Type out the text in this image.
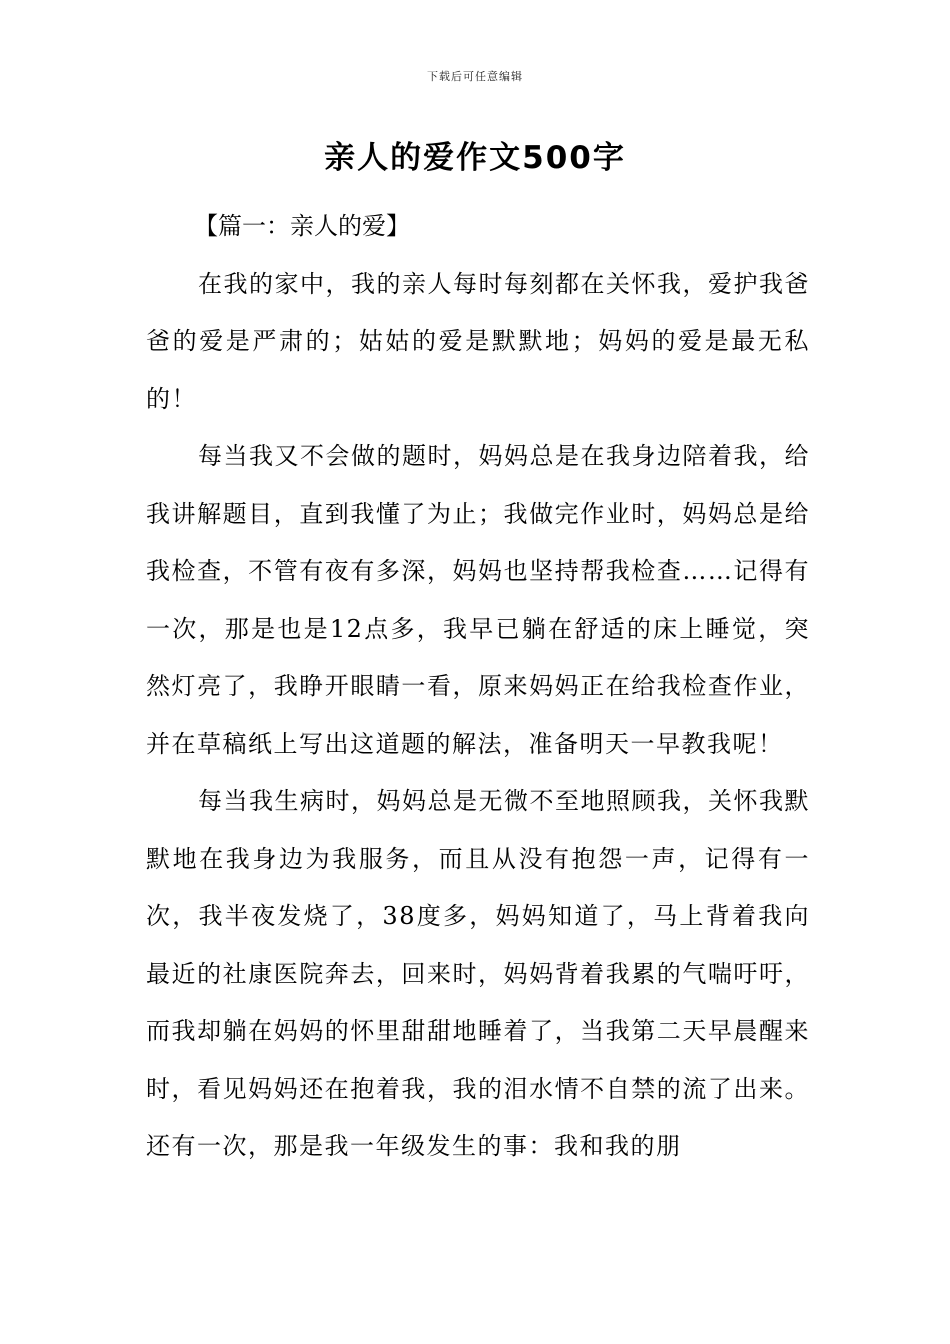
下载后可任意编辑
亲人的爱作文500字

【篇一：亲人的爱】

在我的家中，我的亲人每时每刻都在关怀我，爱护我爸爸的爱是严肃的；姑姑的爱是默默地；妈妈的爱是最无私的！

每当我又不会做的题时，妈妈总是在我身边陪着我，给我讲解题目，直到我懂了为止；我做完作业时，妈妈总是给我检查，不管有夜有多深，妈妈也坚持帮我检查……记得有一次，那是也是12点多，我早已躺在舒适的床上睡觉，突然灯亮了，我睁开眼睛一看，原来妈妈正在给我检查作业，并在草稿纸上写出这道题的解法，准备明天一早教我呢！

每当我生病时，妈妈总是无微不至地照顾我，关怀我默默地在我身边为我服务，而且从没有抱怨一声，记得有一次，我半夜发烧了，38度多，妈妈知道了，马上背着我向最近的社康医院奔去，回来时，妈妈背着我累的气喘吁吁，而我却躺在妈妈的怀里甜甜地睡着了，当我第二天早晨醒来时，看见妈妈还在抱着我，我的泪水情不自禁的流了出来。还有一次，那是我一年级发生的事：我和我的朋
